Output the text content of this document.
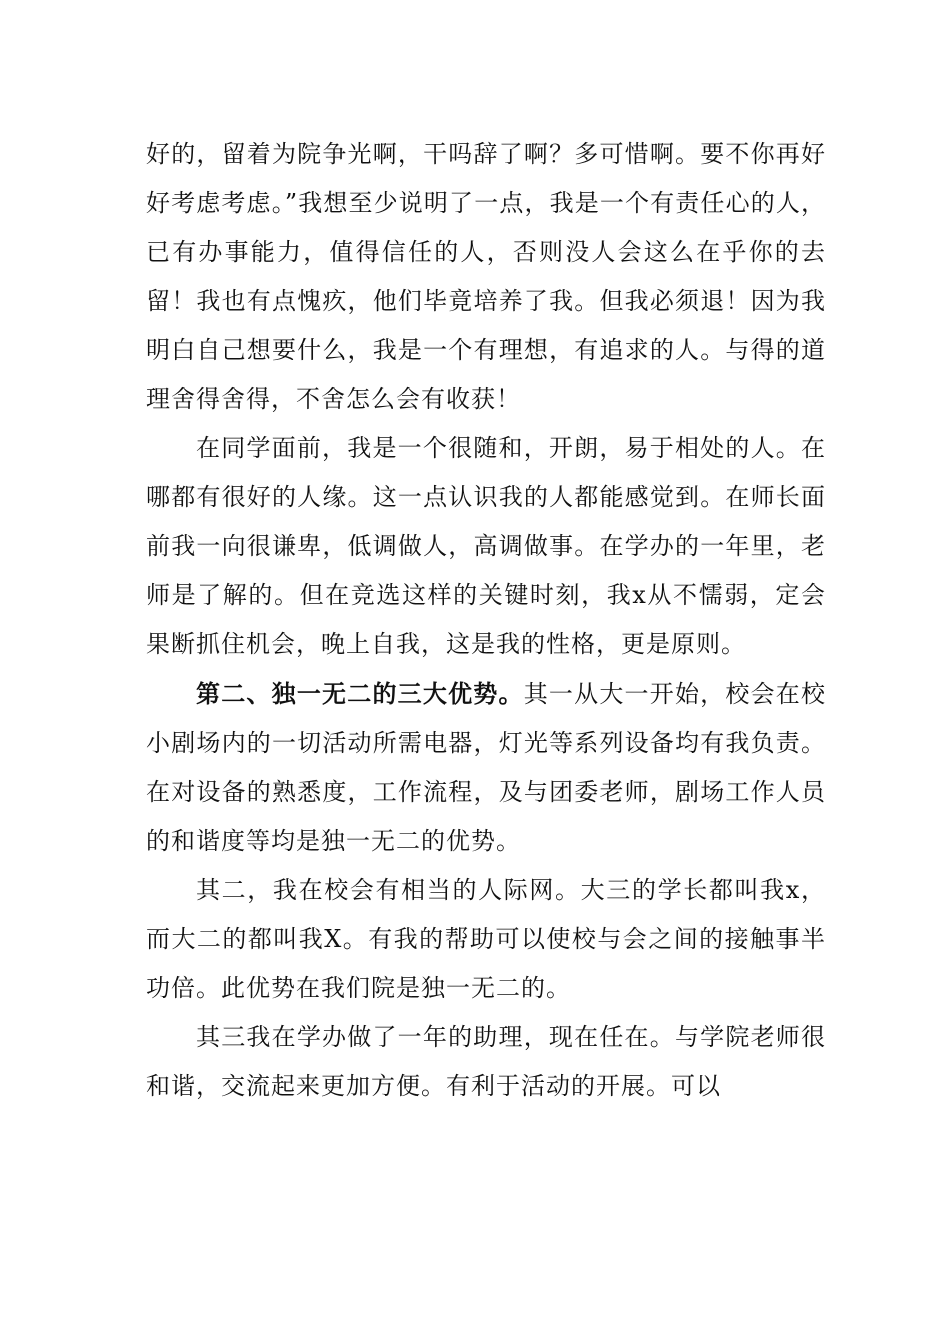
好的，留着为院争光啊，干吗辞了啊？多可惜啊。要不你再好好考虑考虑。”我想至少说明了一点，我是一个有责任心的人，已有办事能力，值得信任的人，否则没人会这么在乎你的去留！我也有点愧疚，他们毕竟培养了我。但我必须退！因为我明白自己想要什么，我是一个有理想，有追求的人。与得的道理舍得舍得，不舍怎么会有收获！

在同学面前，我是一个很随和，开朗，易于相处的人。在哪都有很好的人缘。这一点认识我的人都能感觉到。在师长面前我一向很谦卑，低调做人，高调做事。在学办的一年里，老师是了解的。但在竞选这样的关键时刻，我x从不懦弱，定会果断抓住机会，晚上自我，这是我的性格，更是原则。

第二、独一无二的三大优势。其一从大一开始，校会在校小剧场内的一切活动所需电器，灯光等系列设备均有我负责。在对设备的熟悉度，工作流程，及与团委老师，剧场工作人员的和谐度等均是独一无二的优势。

其二，我在校会有相当的人际网。大三的学长都叫我x，而大二的都叫我X。有我的帮助可以使校与会之间的接触事半功倍。此优势在我们院是独一无二的。

其三我在学办做了一年的助理，现在任在。与学院老师很和谐，交流起来更加方便。有利于活动的开展。可以
